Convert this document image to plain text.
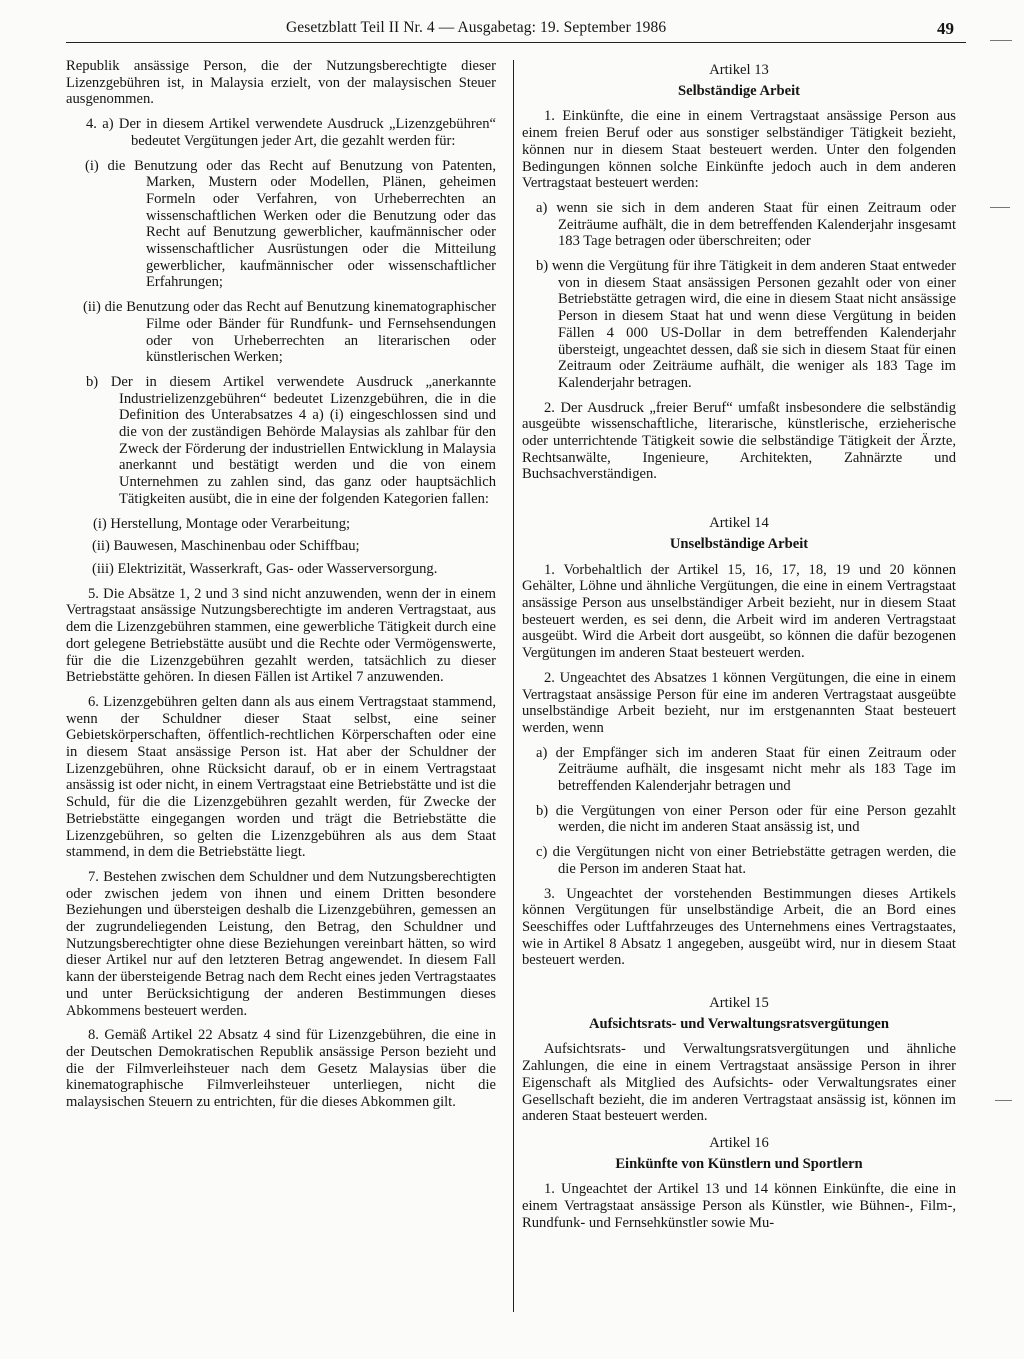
Gesetzblatt Teil II Nr. 4 — Ausgabetag: 19. September 1986	49

Republik ansässige Person, die der Nutzungsberechtigte dieser Lizenzgebühren ist, in Malaysia erzielt, von der malaysischen Steuer ausgenommen.

4. a) Der in diesem Artikel verwendete Ausdruck „Lizenzgebühren“ bedeutet Vergütungen jeder Art, die gezahlt werden für:

(i) die Benutzung oder das Recht auf Benutzung von Patenten, Marken, Mustern oder Modellen, Plänen, geheimen Formeln oder Verfahren, von Urheberrechten an wissenschaftlichen Werken oder die Benutzung oder das Recht auf Benutzung gewerblicher, kaufmännischer oder wissenschaftlicher Ausrüstungen oder die Mitteilung gewerblicher, kaufmännischer oder wissenschaftlicher Erfahrungen;

(ii) die Benutzung oder das Recht auf Benutzung kinematographischer Filme oder Bänder für Rundfunk- und Fernsehsendungen oder von Urheberrechten an literarischen oder künstlerischen Werken;

b) Der in diesem Artikel verwendete Ausdruck „anerkannte Industrielizenzgebühren“ bedeutet Lizenzgebühren, die in die Definition des Unterabsatzes 4 a) (i) eingeschlossen sind und die von der zuständigen Behörde Malaysias als zahlbar für den Zweck der Förderung der industriellen Entwicklung in Malaysia anerkannt und bestätigt werden und die von einem Unternehmen zu zahlen sind, das ganz oder hauptsächlich Tätigkeiten ausübt, die in eine der folgenden Kategorien fallen:

(i) Herstellung, Montage oder Verarbeitung;

(ii) Bauwesen, Maschinenbau oder Schiffbau;

(iii) Elektrizität, Wasserkraft, Gas- oder Wasserversorgung.

5. Die Absätze 1, 2 und 3 sind nicht anzuwenden, wenn der in einem Vertragstaat ansässige Nutzungsberechtigte im anderen Vertragstaat, aus dem die Lizenzgebühren stammen, eine gewerbliche Tätigkeit durch eine dort gelegene Betriebstätte ausübt und die Rechte oder Vermögenswerte, für die die Lizenzgebühren gezahlt werden, tatsächlich zu dieser Betriebstätte gehören. In diesen Fällen ist Artikel 7 anzuwenden.

6. Lizenzgebühren gelten dann als aus einem Vertragstaat stammend, wenn der Schuldner dieser Staat selbst, eine seiner Gebietskörperschaften, öffentlich-rechtlichen Körperschaften oder eine in diesem Staat ansässige Person ist. Hat aber der Schuldner der Lizenzgebühren, ohne Rücksicht darauf, ob er in einem Vertragstaat ansässig ist oder nicht, in einem Vertragstaat eine Betriebstätte und ist die Schuld, für die die Lizenzgebühren gezahlt werden, für Zwecke der Betriebstätte eingegangen worden und trägt die Betriebstätte die Lizenzgebühren, so gelten die Lizenzgebühren als aus dem Staat stammend, in dem die Betriebstätte liegt.

7. Bestehen zwischen dem Schuldner und dem Nutzungsberechtigten oder zwischen jedem von ihnen und einem Dritten besondere Beziehungen und übersteigen deshalb die Lizenzgebühren, gemessen an der zugrundeliegenden Leistung, den Betrag, den Schuldner und Nutzungsberechtigter ohne diese Beziehungen vereinbart hätten, so wird dieser Artikel nur auf den letzteren Betrag angewendet. In diesem Fall kann der übersteigende Betrag nach dem Recht eines jeden Vertragstaates und unter Berücksichtigung der anderen Bestimmungen dieses Abkommens besteuert werden.

8. Gemäß Artikel 22 Absatz 4 sind für Lizenzgebühren, die eine in der Deutschen Demokratischen Republik ansässige Person bezieht und die der Filmverleihsteuer nach dem Gesetz Malaysias über die kinematographische Filmverleihsteuer unterliegen, nicht die malaysischen Steuern zu entrichten, für die dieses Abkommen gilt.

Artikel 13
Selbständige Arbeit

1. Einkünfte, die eine in einem Vertragstaat ansässige Person aus einem freien Beruf oder aus sonstiger selbständiger Tätigkeit bezieht, können nur in diesem Staat besteuert werden. Unter den folgenden Bedingungen können solche Einkünfte jedoch auch in dem anderen Vertragstaat besteuert werden:

a) wenn sie sich in dem anderen Staat für einen Zeitraum oder Zeiträume aufhält, die in dem betreffenden Kalenderjahr insgesamt 183 Tage betragen oder überschreiten; oder

b) wenn die Vergütung für ihre Tätigkeit in dem anderen Staat entweder von in diesem Staat ansässigen Personen gezahlt oder von einer Betriebstätte getragen wird, die eine in diesem Staat nicht ansässige Person in diesem Staat hat und wenn diese Vergütung in beiden Fällen 4 000 US-Dollar in dem betreffenden Kalenderjahr übersteigt, ungeachtet dessen, daß sie sich in diesem Staat für einen Zeitraum oder Zeiträume aufhält, die weniger als 183 Tage im Kalenderjahr betragen.

2. Der Ausdruck „freier Beruf“ umfaßt insbesondere die selbständig ausgeübte wissenschaftliche, literarische, künstlerische, erzieherische oder unterrichtende Tätigkeit sowie die selbständige Tätigkeit der Ärzte, Rechtsanwälte, Ingenieure, Architekten, Zahnärzte und Buchsachverständigen.

Artikel 14
Unselbständige Arbeit

1. Vorbehaltlich der Artikel 15, 16, 17, 18, 19 und 20 können Gehälter, Löhne und ähnliche Vergütungen, die eine in einem Vertragstaat ansässige Person aus unselbständiger Arbeit bezieht, nur in diesem Staat besteuert werden, es sei denn, die Arbeit wird im anderen Vertragstaat ausgeübt. Wird die Arbeit dort ausgeübt, so können die dafür bezogenen Vergütungen im anderen Staat besteuert werden.

2. Ungeachtet des Absatzes 1 können Vergütungen, die eine in einem Vertragstaat ansässige Person für eine im anderen Vertragstaat ausgeübte unselbständige Arbeit bezieht, nur im erstgenannten Staat besteuert werden, wenn

a) der Empfänger sich im anderen Staat für einen Zeitraum oder Zeiträume aufhält, die insgesamt nicht mehr als 183 Tage im betreffenden Kalenderjahr betragen und

b) die Vergütungen von einer Person oder für eine Person gezahlt werden, die nicht im anderen Staat ansässig ist, und

c) die Vergütungen nicht von einer Betriebstätte getragen werden, die die Person im anderen Staat hat.

3. Ungeachtet der vorstehenden Bestimmungen dieses Artikels können Vergütungen für unselbständige Arbeit, die an Bord eines Seeschiffes oder Luftfahrzeuges des Unternehmens eines Vertragstaates, wie in Artikel 8 Absatz 1 angegeben, ausgeübt wird, nur in diesem Staat besteuert werden.

Artikel 15
Aufsichtsrats- und Verwaltungsratsvergütungen

Aufsichtsrats- und Verwaltungsratsvergütungen und ähnliche Zahlungen, die eine in einem Vertragstaat ansässige Person in ihrer Eigenschaft als Mitglied des Aufsichts- oder Verwaltungsrates einer Gesellschaft bezieht, die im anderen Vertragstaat ansässig ist, können im anderen Staat besteuert werden.

Artikel 16
Einkünfte von Künstlern und Sportlern

1. Ungeachtet der Artikel 13 und 14 können Einkünfte, die eine in einem Vertragstaat ansässige Person als Künstler, wie Bühnen-, Film-, Rundfunk- und Fernsehkünstler sowie Mu-
